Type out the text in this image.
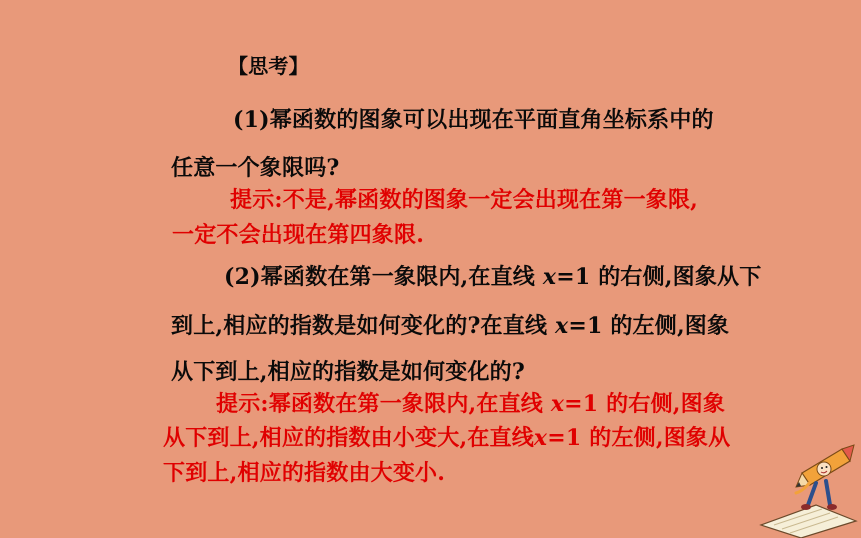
【思考】
(1)幂函数的图象可以出现在平面直角坐标系中的
任意一个象限吗?
提示:不是,幂函数的图象一定会出现在第一象限,
一定不会出现在第四象限.
(2)幂函数在第一象限内,在直线 x=1 的右侧,图象从下
到上,相应的指数是如何变化的?在直线 x=1 的左侧,图象
从下到上,相应的指数是如何变化的?
提示:幂函数在第一象限内,在直线 x=1 的右侧,图象
从下到上,相应的指数由小变大,在直线x=1 的左侧,图象从
下到上,相应的指数由大变小.
